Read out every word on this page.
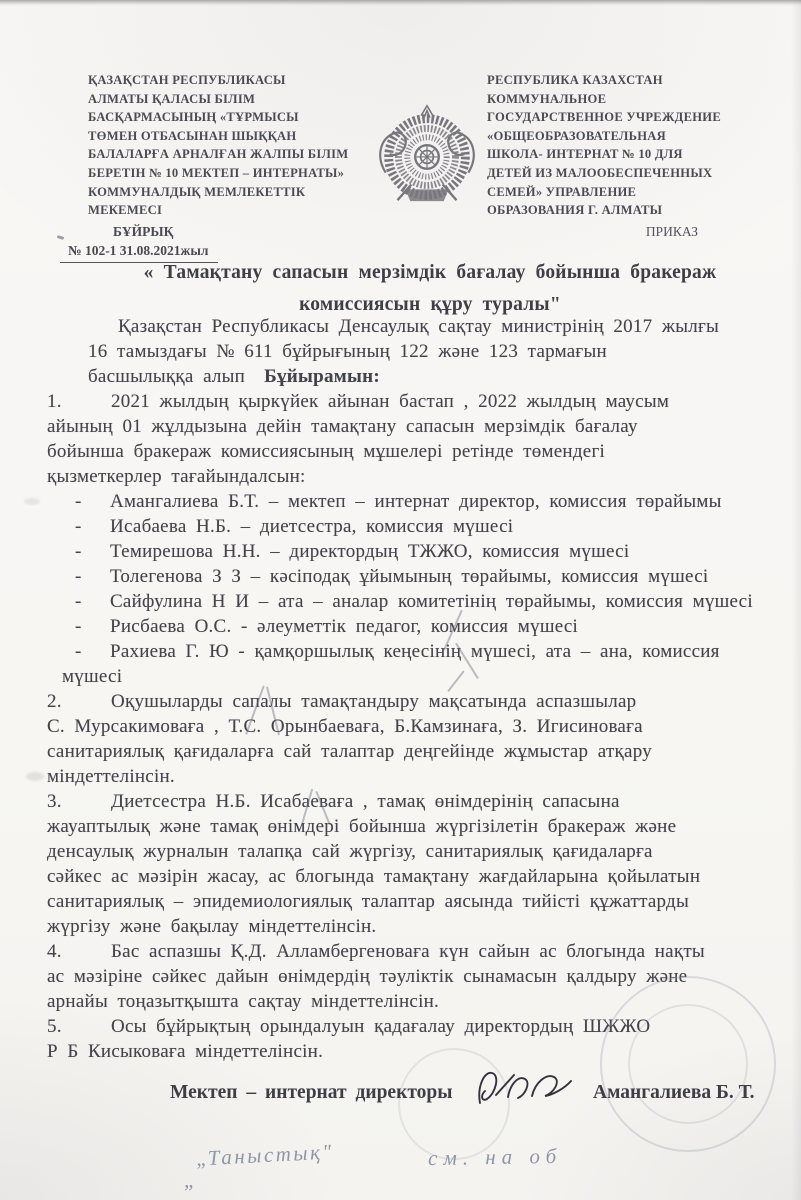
ҚАЗАҚСТАН РЕСПУБЛИКАСЫ
АЛМАТЫ ҚАЛАСЫ БІЛІМ
БАСҚАРМАСЫНЫҢ «ТҰРМЫСЫ
ТӨМЕН ОТБАСЫНАН ШЫҚҚАН
БАЛАЛАРҒА АРНАЛҒАН ЖАЛПЫ БІЛІМ
БЕРЕТІН № 10 МЕКТЕП – ИНТЕРНАТЫ»
КОММУНАЛДЫҚ МЕМЛЕКЕТТІК
МЕКЕМЕСІ
РЕСПУБЛИКА КАЗАХСТАН
КОММУНАЛЬНОЕ
ГОСУДАРСТВЕННОЕ УЧРЕЖДЕНИЕ
«ОБЩЕОБРАЗОВАТЕЛЬНАЯ
ШКОЛА- ИНТЕРНАТ № 10 ДЛЯ
ДЕТЕЙ ИЗ МАЛООБЕСПЕЧЕННЫХ
СЕМЕЙ» УПРАВЛЕНИЕ
ОБРАЗОВАНИЯ Г. АЛМАТЫ
БҰЙРЫҚ	ПРИКАЗ
№ 102-1 31.08.2021жыл
« Тамақтану сапасын мерзімдік бағалау бойынша бракераж
комиссиясын құру туралы"

Қазақстан Республикасы Денсаулық сақтау министрінің 2017 жылғы
16 тамыздағы № 611 бұйрығының 122 және 123 тармағын
басшылыққа алып Бұйырамын:

1.	2021 жылдың қыркүйек айынан бастап , 2022 жылдың маусым
айының 01 жұлдызына дейін тамақтану сапасын мерзімдік бағалау
бойынша бракераж комиссиясының мұшелері ретінде төмендегі
қызметкерлер тағайындалсын:
-	Амангалиева Б.Т. – мектеп – интернат директор, комиссия төрайымы
-	Исабаева Н.Б. – диетсестра, комиссия мүшесі
-	Темирешова Н.Н. – директордың ТЖЖО, комиссия мүшесі
-	Толегенова З З – кәсіподақ ұйымының төрайымы, комиссия мүшесі
-	Сайфулина Н И – ата – аналар комитетінің төрайымы, комиссия мүшесі
-	Рисбаева О.С. - әлеуметтік педагог, комиссия мүшесі
-	Рахиева Г. Ю - қамқоршылық кеңесінің мүшесі, ата – ана, комиссия
мүшесі
2.	Оқушыларды сапалы тамақтандыру мақсатында аспазшылар
С. Мурсакимоваға , Т.С. Орынбаеваға, Б.Камзинаға, З. Игисиноваға
санитариялық қағидаларға сай талаптар деңгейінде жұмыстар атқару
міндеттелінсін.
3.	Диетсестра Н.Б. Исабаеваға , тамақ өнімдерінің сапасына
жауаптылық және тамақ өнімдері бойынша жүргізілетін бракераж және
денсаулық журналын талапқа сай жүргізу, санитариялық қағидаларға
сәйкес ас мәзірін жасау, ас блогында тамақтану жағдайларына қойылатын
санитариялық – эпидемиологиялық талаптар аясында тийісті құжаттарды
жүргізу және бақылау міндеттелінсін.
4.	Бас аспазшы Қ.Д. Алламбергеноваға күн сайын ас блогында нақты
ас мәзіріне сәйкес дайын өнімдердің тәуліктік сынамасын қалдыру және
арнайы тоңазытқышта сақтау міндеттелінсін.
5.	Осы бұйрықтың орындалуын қадағалау директордың ШЖЖО
Р Б Кисыковаға міндеттелінсін.
Мектеп – интернат директоры	Амангалиева Б. Т.
„Таныстық"
„
см. на об
